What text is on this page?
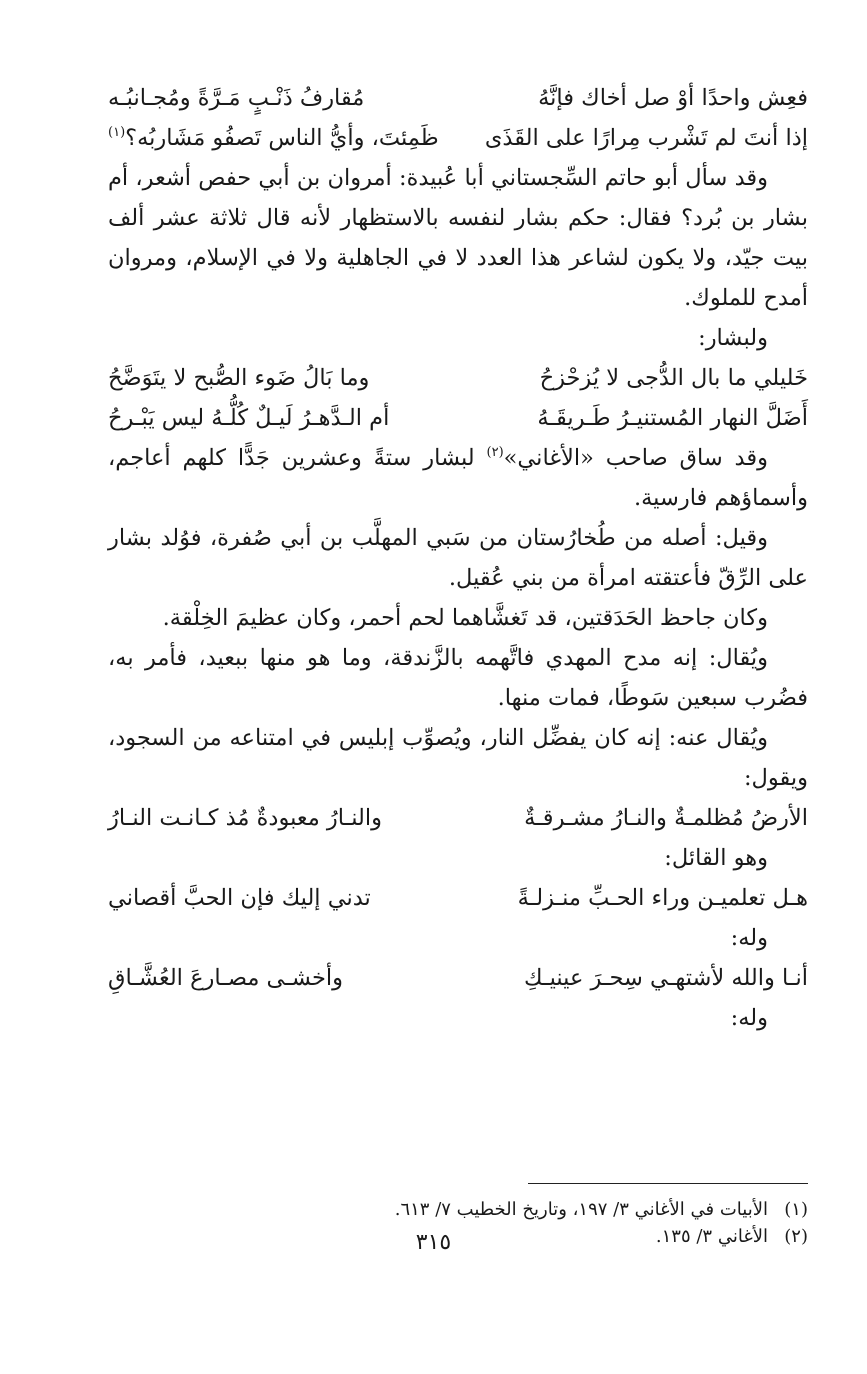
فعِش واحدًا أوْ صل أخاك فإنَّهُ
مُقارفُ ذَنْـبٍ مَـرَّةً ومُجـانبُـه
إذا أنتَ لم تَشْرب مِرارًا على القَذَى
ظَمِئتَ، وأيُّ الناس تَصفُو مَشَاربُه؟$^{(١)}$

وقد سأل أبو حاتم السِّجستاني أبا عُبيدة: أمروان بن أبي حفص أشعر، أم بشار بن بُرد؟ فقال: حكم بشار لنفسه بالاستظهار لأنه قال ثلاثة عشر ألف بيت جيّد، ولا يكون لشاعر هذا العدد لا في الجاهلية ولا في الإسلام، ومروان أمدح للملوك.

ولبشار:

خَليلي ما بال الدُّجى لا يُزحْزحُ
وما بَالُ ضَوء الصُّبح لا يتَوَضَّحُ
أَضَلَّ النهار المُستنيـرُ طَـريقَـهُ
أم الـدَّهـرُ لَيـلٌ كُلُّـهُ ليس يَبْـرحُ

وقد ساق صاحب «الأغاني»$^{(٢)}$ لبشار ستةً وعشرين جَدًّا كلهم أعاجم، وأسماؤهم فارسية.

وقيل: أصله من طُخارُستان من سَبي المهلَّب بن أبي صُفرة، فوُلد بشار على الرِّقّ فأعتقته امرأة من بني عُقيل.

وكان جاحظ الحَدَقتين، قد تَغشَّاهما لحم أحمر، وكان عظيمَ الخِلْقة.

ويُقال: إنه مدح المهدي فاتَّهمه بالزَّندقة، وما هو منها ببعيد، فأمر به، فضُرب سبعين سَوطًا، فمات منها.

ويُقال عنه: إنه كان يفضِّل النار، ويُصوِّب إبليس في امتناعه من السجود، ويقول:

الأرضُ مُظلمـةٌ والنـارُ مشـرقـةٌ
والنـارُ معبودةٌ مُذ كـانـت النـارُ

وهو القائل:

هـل تعلميـن وراء الحـبِّ منـزلـةً
تدني إليك فإن الحبَّ أقصاني

وله:

أنـا والله لأشتهـي سِحـرَ عينيـكِ
وأخشـى مصـارعَ العُشَّـاقِ

وله:

(١)الأبيات في الأغاني ٣/ ١٩٧، وتاريخ الخطيب ٧/ ٦١٣.

(٢)الأغاني ٣/ ١٣٥.

٣١٥
